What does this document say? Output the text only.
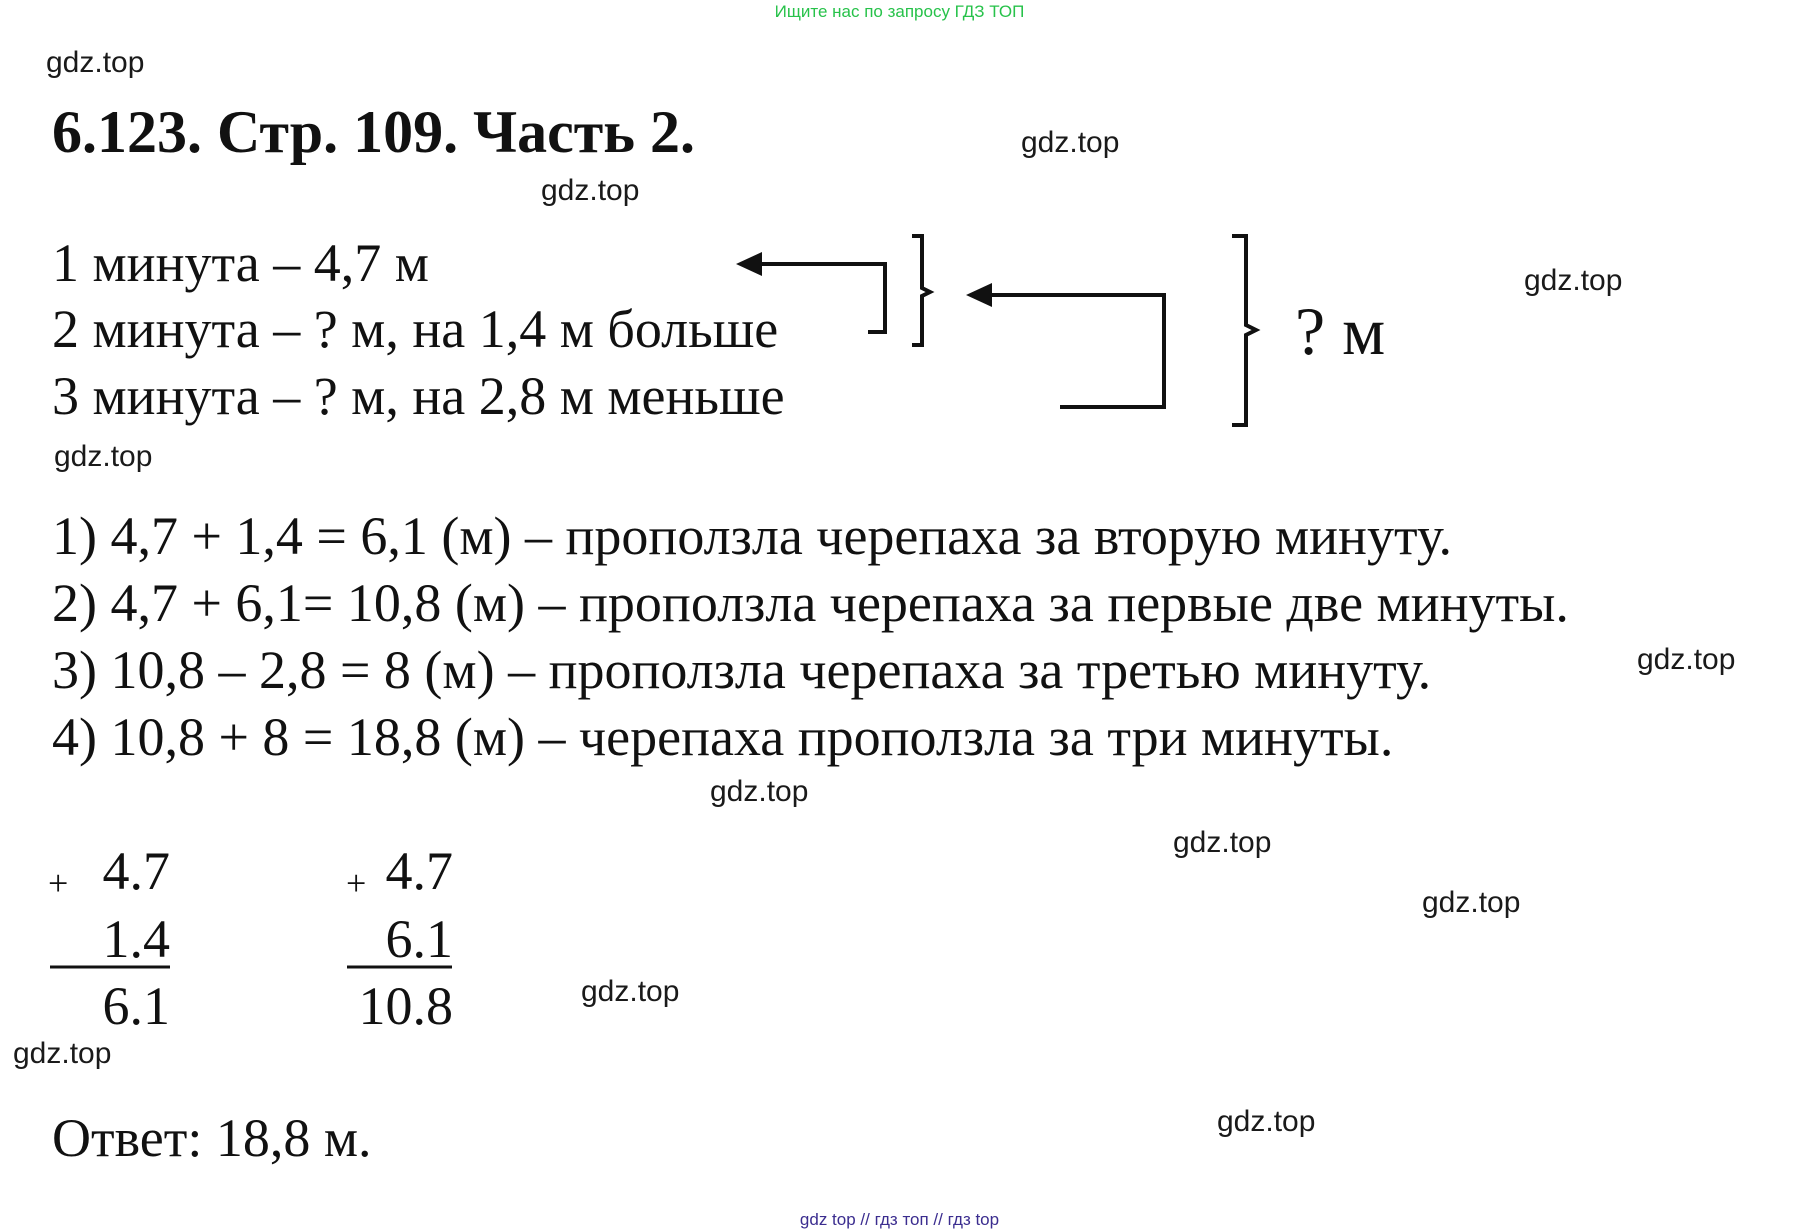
Ищите нас по запросу ГДЗ ТОП
6.123. Стр. 109. Часть 2.
1 минута – 4,7 м
2 минута – ? м, на 1,4 м больше
3 минута – ? м, на 2,8 м меньше
? м
1) 4,7 + 1,4 = 6,1 (м) – проползла черепаха за вторую минуту.
2) 4,7 + 6,1= 10,8 (м) – проползла черепаха за первые две минуты.
3) 10,8 – 2,8 = 8 (м) – проползла черепаха за третью минуту.
4) 10,8 + 8 = 18,8 (м) – черепаха проползла за три минуты.
+ 4.7
1.4
6.1
+ 4.7
6.1
10.8
Ответ: 18,8 м.
gdz.top
gdz.top
gdz.top
gdz.top
gdz.top
gdz.top
gdz.top
gdz.top
gdz.top
gdz.top
gdz.top
gdz.top
gdz top // гдз топ // гдз top
